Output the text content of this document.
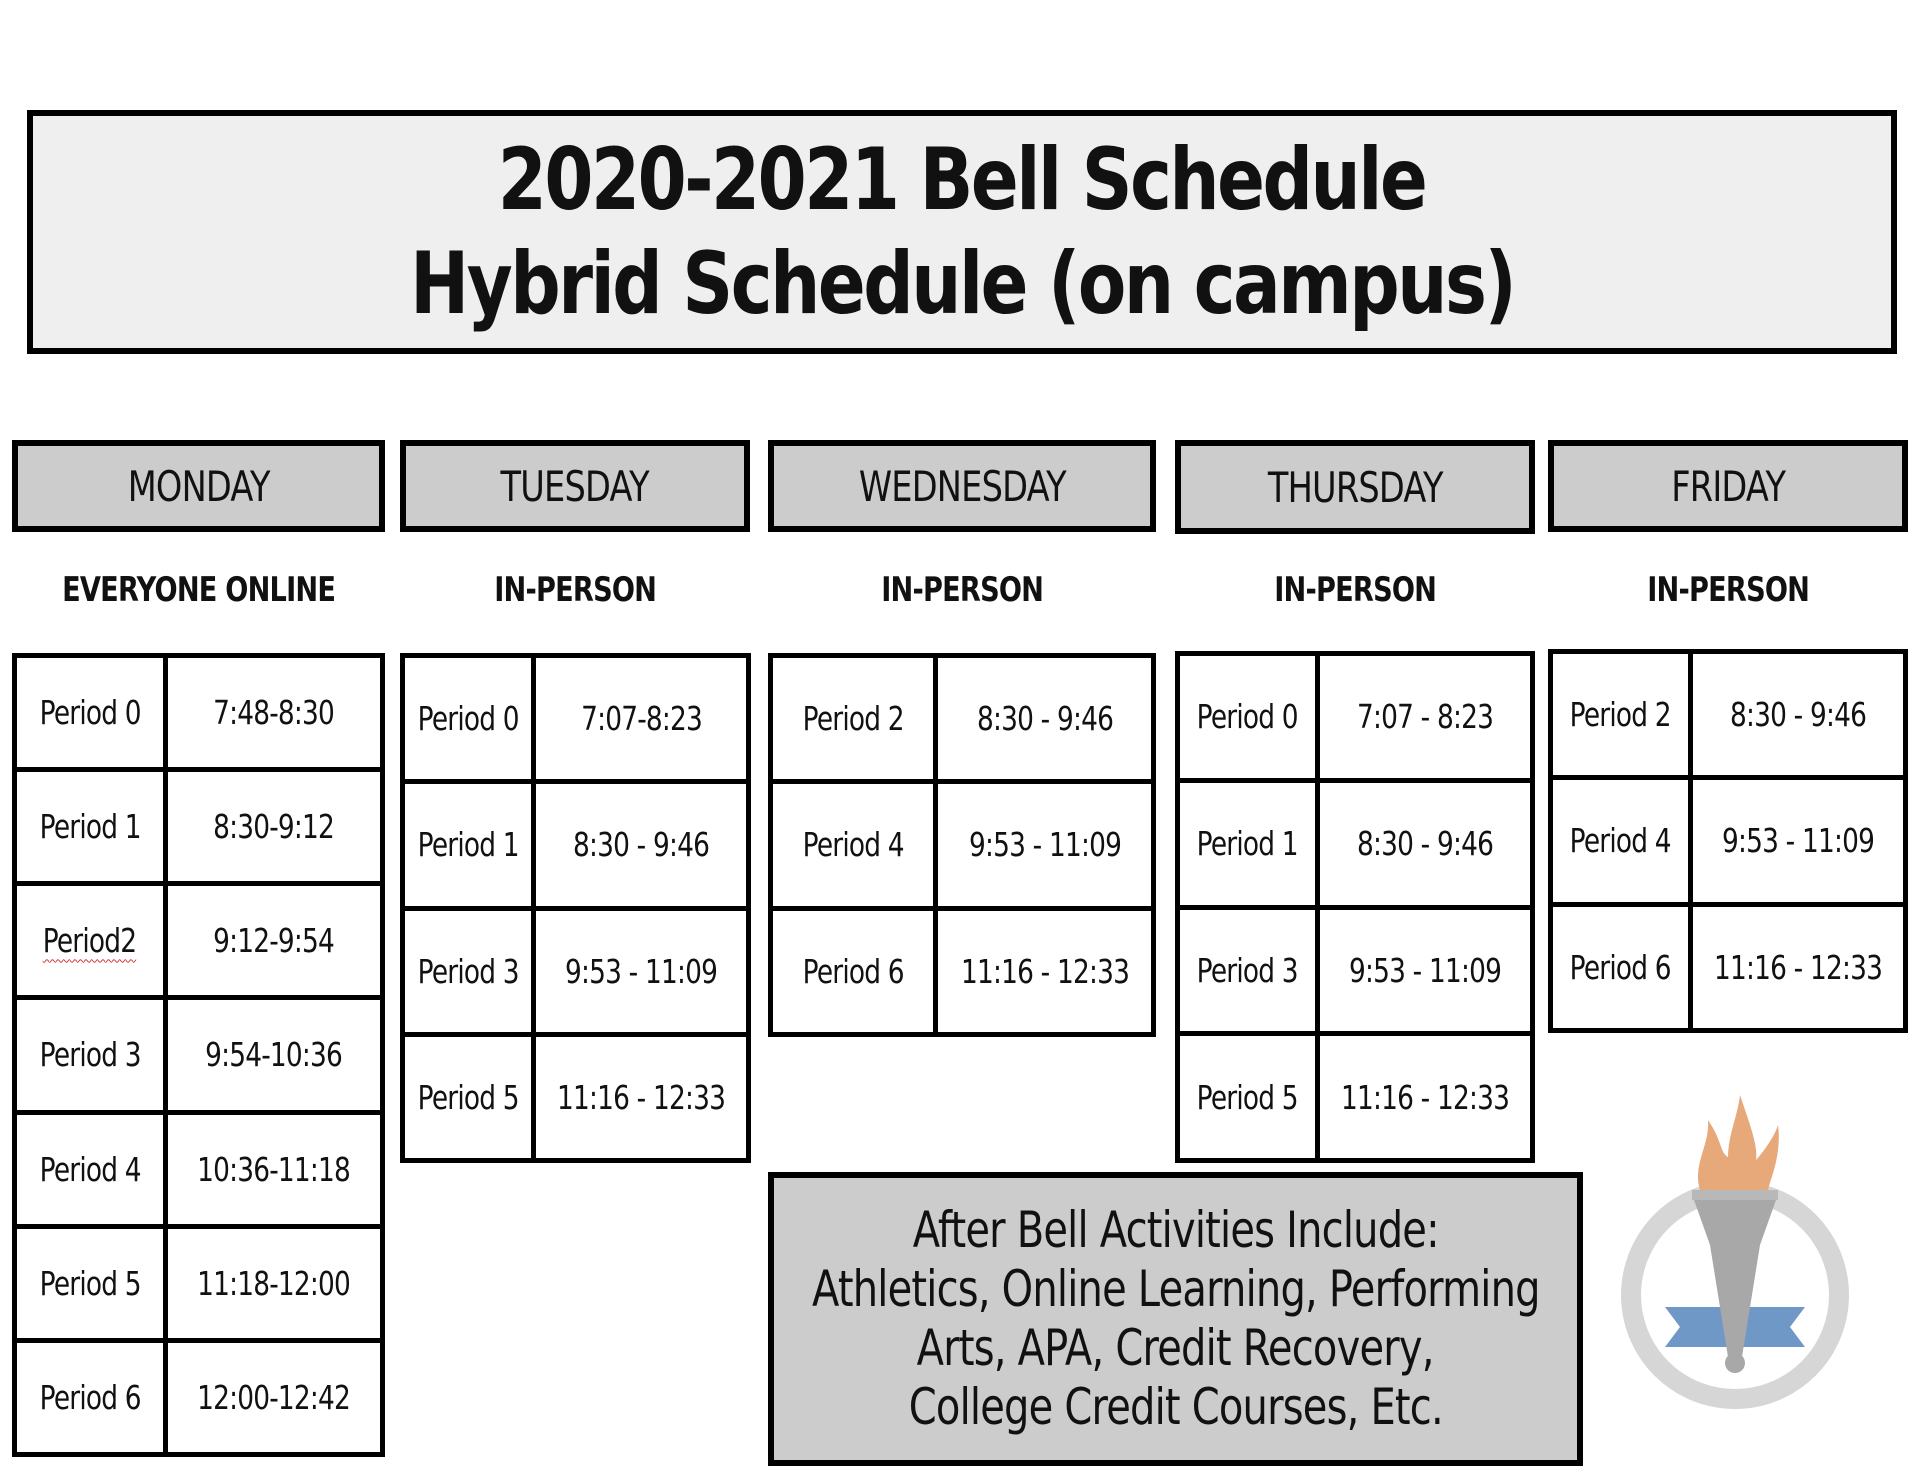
2020-2021 Bell Schedule
Hybrid Schedule (on campus)
MONDAY
EVERYONE ONLINE
Period 0	7:48-8:30
Period 1	8:30-9:12
Period2	9:12-9:54
Period 3	9:54-10:36
Period 4	10:36-11:18
Period 5	11:18-12:00
Period 6	12:00-12:42
TUESDAY
IN-PERSON
Period 0	7:07-8:23
Period 1	8:30 - 9:46
Period 3	9:53 - 11:09
Period 5	11:16 - 12:33
WEDNESDAY
IN-PERSON
Period 2	8:30 - 9:46
Period 4	9:53 - 11:09
Period 6	11:16 - 12:33
THURSDAY
IN-PERSON
Period 0	7:07 - 8:23
Period 1	8:30 - 9:46
Period 3	9:53 - 11:09
Period 5	11:16 - 12:33
FRIDAY
IN-PERSON
Period 2	8:30 - 9:46
Period 4	9:53 - 11:09
Period 6	11:16 - 12:33
After Bell Activities Include:
Athletics, Online Learning, Performing
Arts, APA, Credit Recovery,
College Credit Courses, Etc.
